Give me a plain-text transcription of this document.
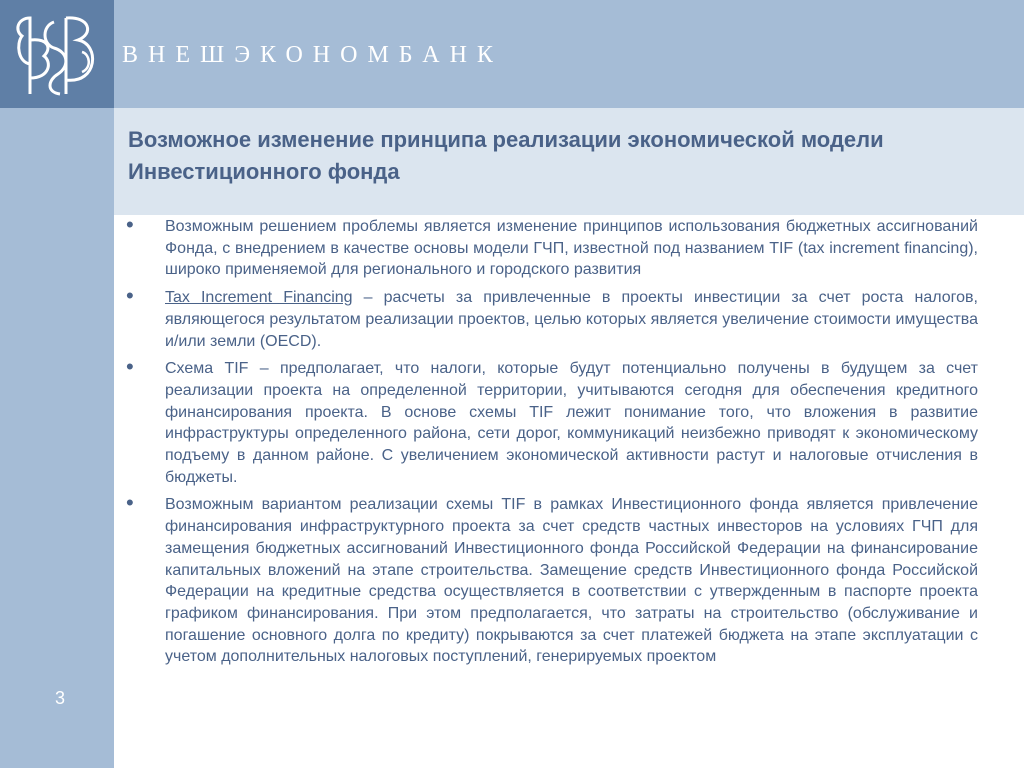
ВНЕШЭКОНОМБАНК
3
Возможное изменение принципа реализации экономической модели
Инвестиционного фонда
• Возможным решением проблемы является изменение принципов использования бюджетных ассигнований Фонда, с внедрением в качестве основы модели ГЧП, известной под названием TIF (tax increment financing), широко применяемой для регионального и городского развития
• Tax Increment Financing – расчеты за привлеченные в проекты инвестиции за счет роста налогов, являющегося результатом реализации проектов, целью которых является увеличение стоимости имущества и/или земли (OECD).
• Схема TIF – предполагает, что налоги, которые будут потенциально получены в будущем за счет реализации проекта на определенной территории, учитываются сегодня для обеспечения кредитного финансирования проекта. В основе схемы TIF лежит понимание того, что вложения в развитие инфраструктуры определенного района, сети дорог, коммуникаций неизбежно приводят к экономическому подъему в данном районе. С увеличением экономической активности растут и налоговые отчисления в бюджеты.
• Возможным вариантом реализации схемы TIF в рамках Инвестиционного фонда является привлечение финансирования инфраструктурного проекта за счет средств частных инвесторов на условиях ГЧП для замещения бюджетных ассигнований Инвестиционного фонда Российской Федерации на финансирование капитальных вложений на этапе строительства. Замещение средств Инвестиционного фонда Российской Федерации на кредитные средства осуществляется в соответствии с утвержденным в паспорте проекта графиком финансирования. При этом предполагается, что затраты на строительство (обслуживание и погашение основного долга по кредиту) покрываются за счет платежей бюджета на этапе эксплуатации с учетом дополнительных налоговых поступлений, генерируемых проектом
